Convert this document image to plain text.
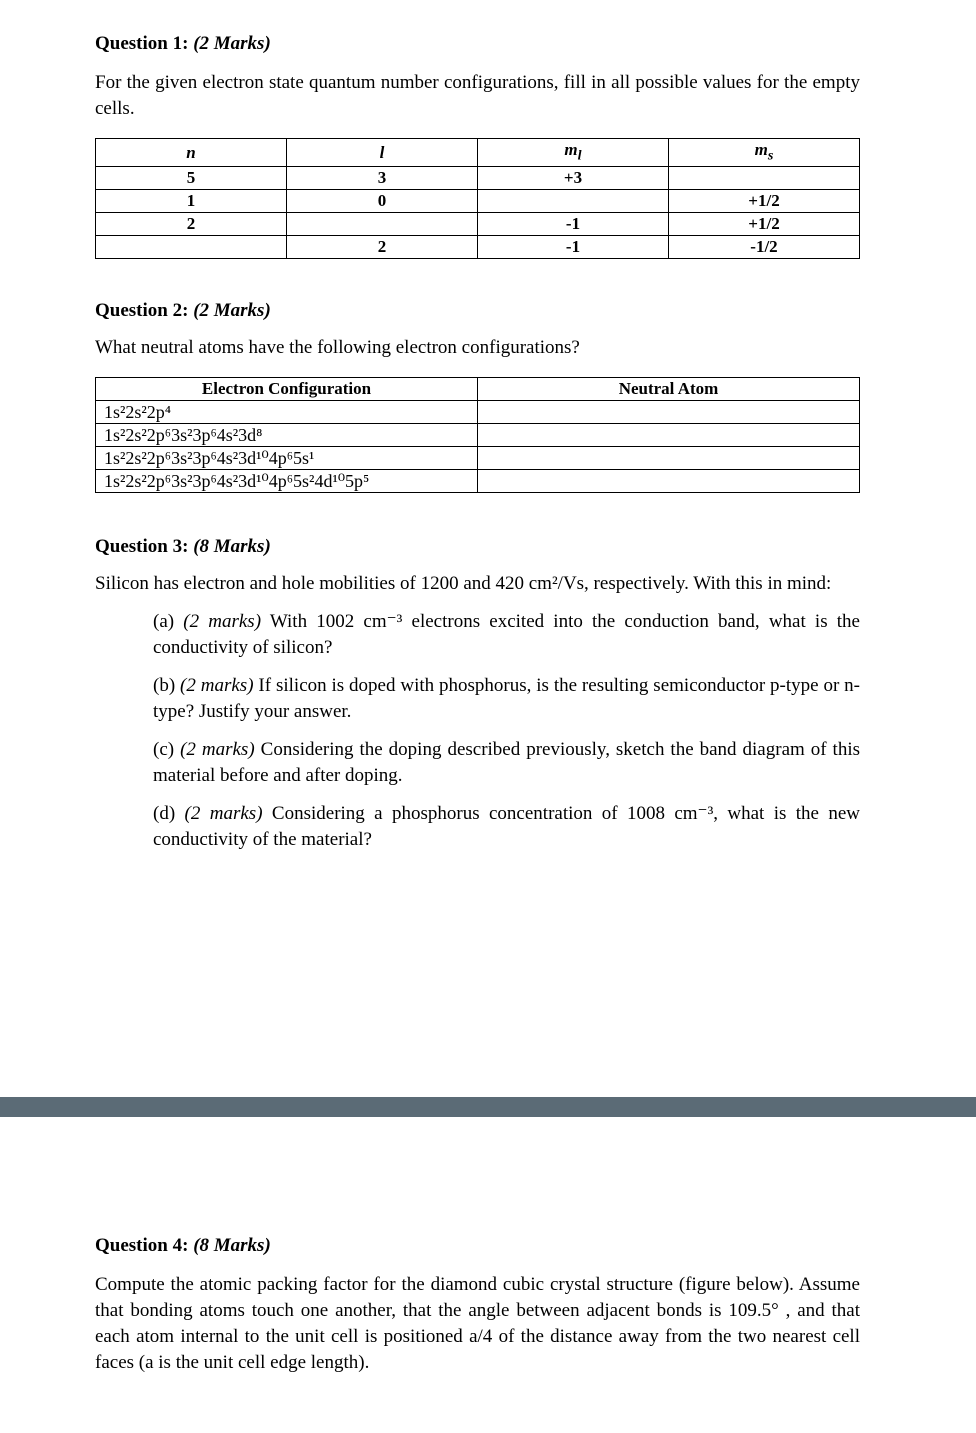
Question 1: (2 Marks)

For the given electron state quantum number configurations, fill in all possible values for the empty cells.

n	l	$m_l$	$m_s$
5	3	+3	
1	0		+1/2
2		-1	+1/2
	2	-1	-1/2
Question 2: (2 Marks)

What neutral atoms have the following electron configurations?

Electron Configuration	Neutral Atom
1s²2s²2p⁴	
1s²2s²2p⁶3s²3p⁶4s²3d⁸	
1s²2s²2p⁶3s²3p⁶4s²3d¹⁰4p⁶5s¹	
1s²2s²2p⁶3s²3p⁶4s²3d¹⁰4p⁶5s²4d¹⁰5p⁵	
Question 3: (8 Marks)

Silicon has electron and hole mobilities of 1200 and 420 cm²/Vs, respectively. With this in mind:

(a) (2 marks) With 1002 cm⁻³ electrons excited into the conduction band, what is the conductivity of silicon?

(b) (2 marks) If silicon is doped with phosphorus, is the resulting semiconductor p-type or n-type? Justify your answer.

(c) (2 marks) Considering the doping described previously, sketch the band diagram of this material before and after doping.

(d) (2 marks) Considering a phosphorus concentration of 1008 cm⁻³, what is the new conductivity of the material?

Question 4: (8 Marks)

Compute the atomic packing factor for the diamond cubic crystal structure (figure below). Assume that bonding atoms touch one another, that the angle between adjacent bonds is 109.5° , and that each atom internal to the unit cell is positioned a/4 of the distance away from the two nearest cell faces (a is the unit cell edge length).
